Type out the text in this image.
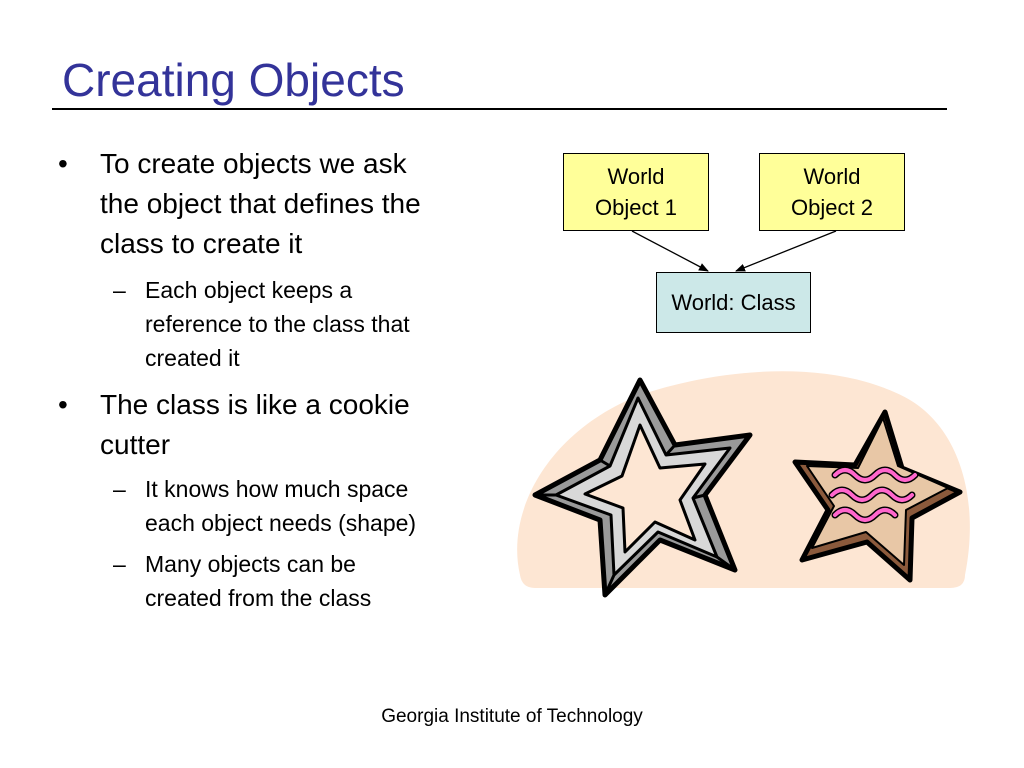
Creating Objects
• To create objects we ask
the object that defines the
class to create it
– Each object keeps a
reference to the class that
created it
• The class is like a cookie
cutter
– It knows how much space
each object needs (shape)
– Many objects can be
created from the class
World
Object 1
World
Object 2
World: Class
Georgia Institute of Technology
